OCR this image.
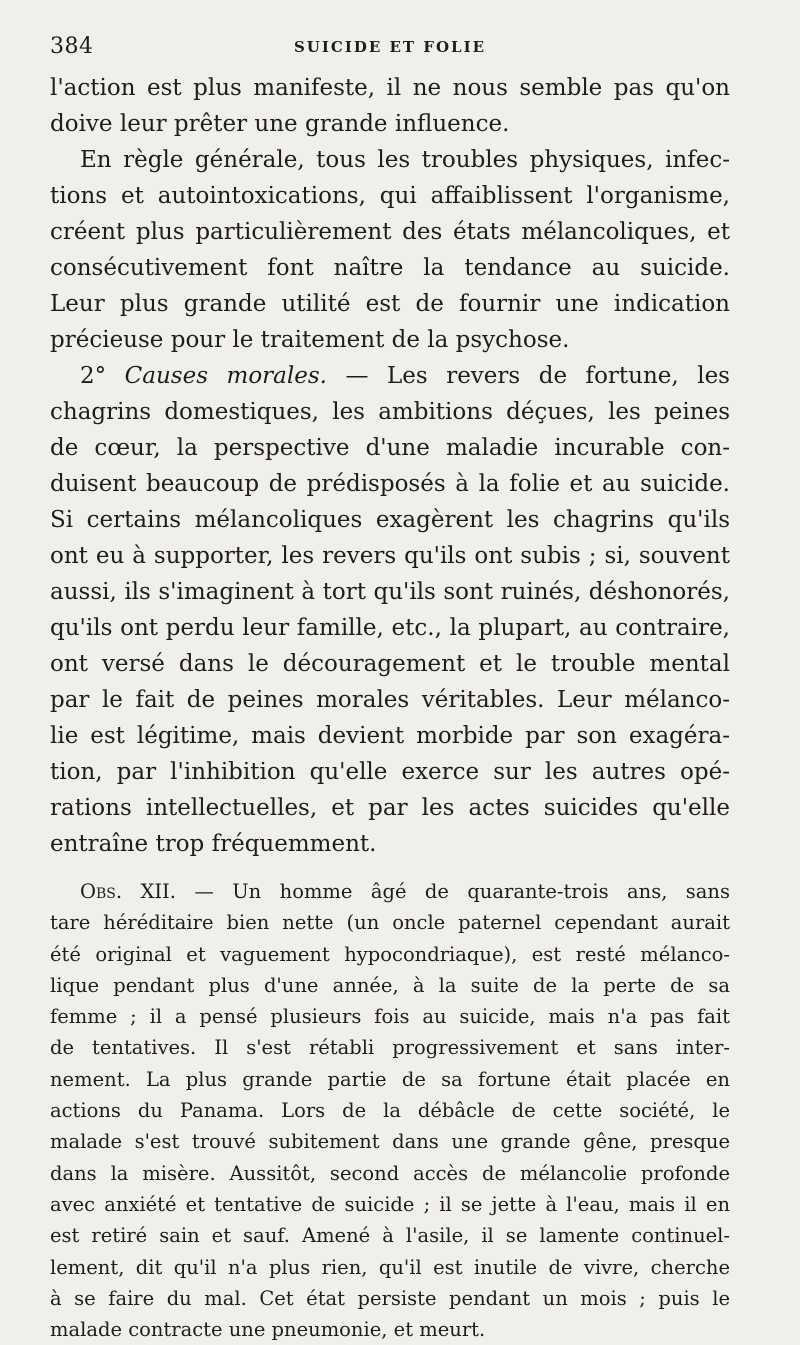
384	SUICIDE ET FOLIE
l'action est plus manifeste, il ne nous semble pas qu'on
doive leur prêter une grande influence.
En règle générale, tous les troubles physiques, infec-
tions et autointoxications, qui affaiblissent l'organisme,
créent plus particulièrement des états mélancoliques, et
consécutivement font naître la tendance au suicide.
Leur plus grande utilité est de fournir une indication
précieuse pour le traitement de la psychose.
2° Causes morales. — Les revers de fortune, les
chagrins domestiques, les ambitions déçues, les peines
de cœur, la perspective d'une maladie incurable con-
duisent beaucoup de prédisposés à la folie et au suicide.
Si certains mélancoliques exagèrent les chagrins qu'ils
ont eu à supporter, les revers qu'ils ont subis ; si, souvent
aussi, ils s'imaginent à tort qu'ils sont ruinés, déshonorés,
qu'ils ont perdu leur famille, etc., la plupart, au contraire,
ont versé dans le découragement et le trouble mental
par le fait de peines morales véritables. Leur mélanco-
lie est légitime, mais devient morbide par son exagéra-
tion, par l'inhibition qu'elle exerce sur les autres opé-
rations intellectuelles, et par les actes suicides qu'elle
entraîne trop fréquemment.
Obs. XII. — Un homme âgé de quarante-trois ans, sans
tare héréditaire bien nette (un oncle paternel cependant aurait
été original et vaguement hypocondriaque), est resté mélanco-
lique pendant plus d'une année, à la suite de la perte de sa
femme ; il a pensé plusieurs fois au suicide, mais n'a pas fait
de tentatives. Il s'est rétabli progressivement et sans inter-
nement. La plus grande partie de sa fortune était placée en
actions du Panama. Lors de la débâcle de cette société, le
malade s'est trouvé subitement dans une grande gêne, presque
dans la misère. Aussitôt, second accès de mélancolie profonde
avec anxiété et tentative de suicide ; il se jette à l'eau, mais il en
est retiré sain et sauf. Amené à l'asile, il se lamente continuel-
lement, dit qu'il n'a plus rien, qu'il est inutile de vivre, cherche
à se faire du mal. Cet état persiste pendant un mois ; puis le
malade contracte une pneumonie, et meurt.
